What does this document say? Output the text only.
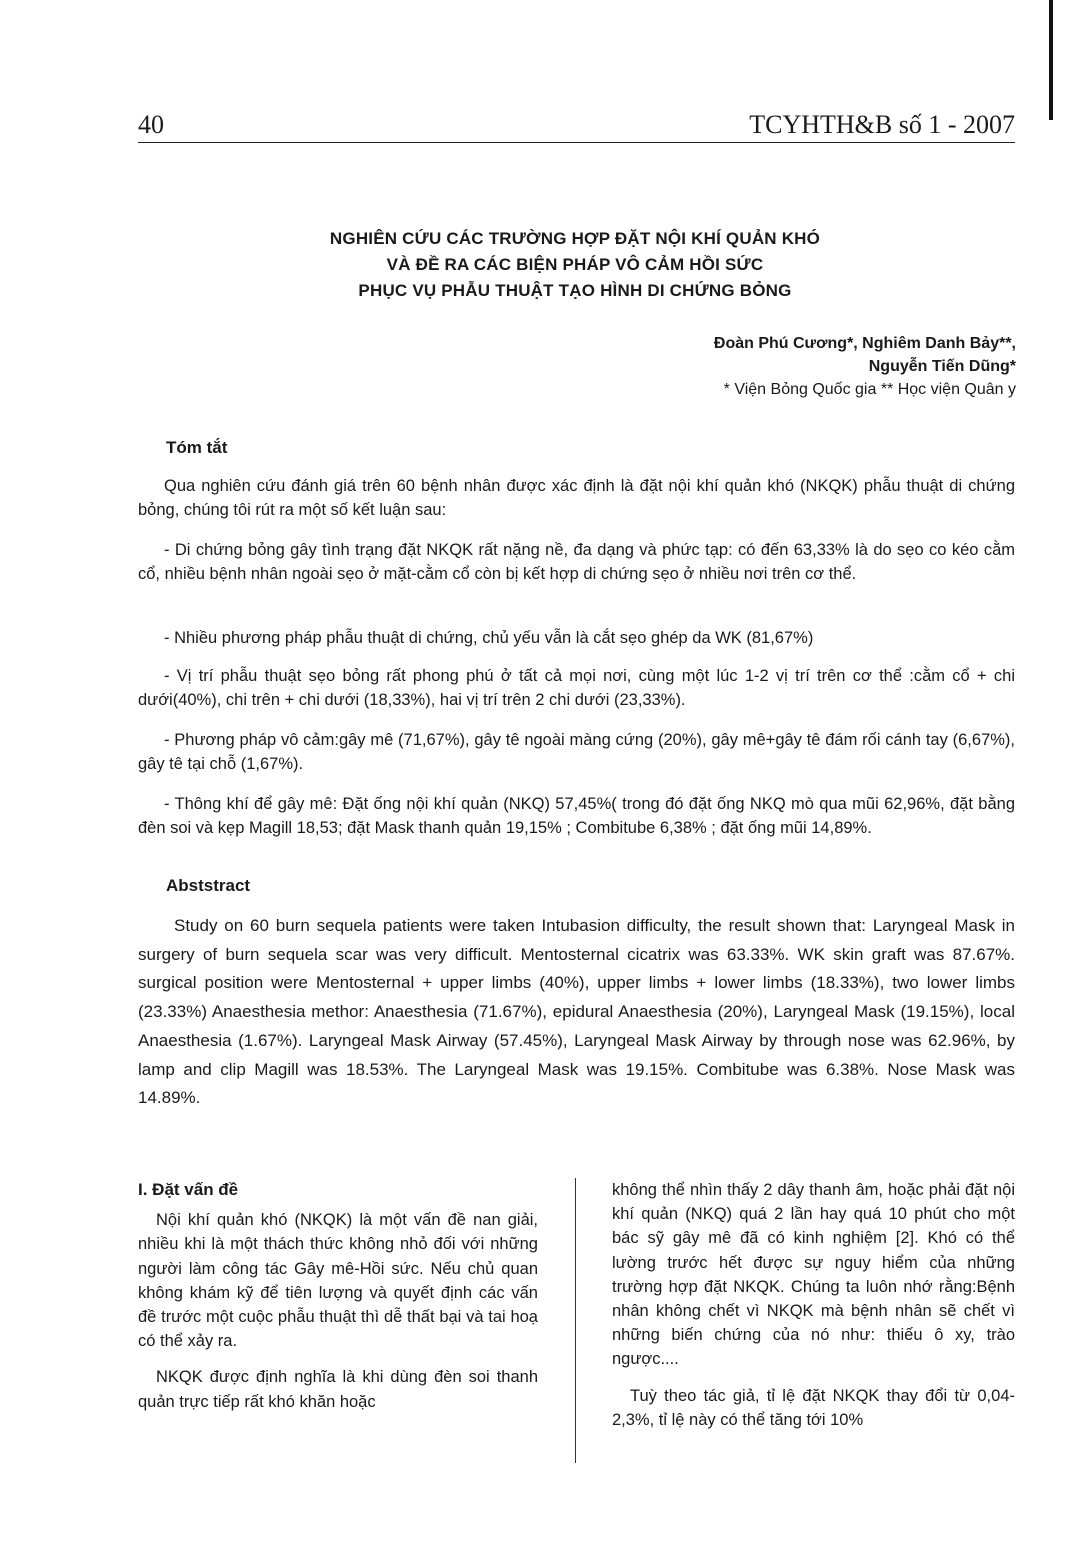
40	TCYHTH&B số 1 - 2007
NGHIÊN CỨU CÁC TRƯỜNG HỢP ĐẶT NỘI KHÍ QUẢN KHÓ
VÀ ĐỀ RA CÁC BIỆN PHÁP VÔ CẢM HỒI SỨC
PHỤC VỤ PHẪU THUẬT TẠO HÌNH DI CHỨNG BỎNG
Đoàn Phú Cương*, Nghiêm Danh Bảy**,
Nguyễn Tiến Dũng*
* Viện Bỏng Quốc gia ** Học viện Quân y
Tóm tắt
Qua nghiên cứu đánh giá trên 60 bệnh nhân được xác định là đặt nội khí quản khó (NKQK) phẫu thuật di chứng bỏng, chúng tôi rút ra một số kết luận sau:
- Di chứng bỏng gây tình trạng đặt NKQK rất nặng nề, đa dạng và phức tạp: có đến 63,33% là do sẹo co kéo cằm cổ, nhiều bệnh nhân ngoài sẹo ở mặt-cằm cổ còn bị kết hợp di chứng sẹo ở nhiều nơi trên cơ thể.
- Nhiều phương pháp phẫu thuật di chứng, chủ yếu vẫn là cắt sẹo ghép da WK (81,67%)
- Vị trí phẫu thuật sẹo bỏng rất phong phú ở tất cả mọi nơi, cùng một lúc 1-2 vị trí trên cơ thể :cằm cổ + chi dưới(40%), chi trên + chi dưới (18,33%), hai vị trí trên 2 chi dưới (23,33%).
- Phương pháp vô cảm:gây mê (71,67%), gây tê ngoài màng cứng (20%), gây mê+gây tê đám rối cánh tay (6,67%), gây tê tại chỗ (1,67%).
- Thông khí để gây mê: Đặt ống nội khí quản (NKQ) 57,45%( trong đó đặt ống NKQ mò qua mũi 62,96%, đặt bằng đèn soi và kẹp Magill 18,53; đặt Mask thanh quản 19,15% ; Combitube 6,38% ; đặt ống mũi 14,89%.
Abststract
Study on 60 burn sequela patients were taken Intubasion difficulty, the result shown that: Laryngeal Mask in surgery of burn sequela scar was very difficult. Mentosternal cicatrix was 63.33%. WK skin graft was 87.67%. surgical position were Mentosternal + upper limbs (40%), upper limbs + lower limbs (18.33%), two lower limbs (23.33%) Anaesthesia methor: Anaesthesia (71.67%), epidural Anaesthesia (20%), Laryngeal Mask (19.15%), local Anaesthesia (1.67%). Laryngeal Mask Airway (57.45%), Laryngeal Mask Airway by through nose was 62.96%, by lamp and clip Magill was 18.53%. The Laryngeal Mask was 19.15%. Combitube was 6.38%. Nose Mask was 14.89%.

I. Đặt vấn đề

Nội khí quản khó (NKQK) là một vấn đề nan giải, nhiều khi là một thách thức không nhỏ đối với những người làm công tác Gây mê-Hồi sức. Nếu chủ quan không khám kỹ để tiên lượng và quyết định các vấn đề trước một cuộc phẫu thuật thì dễ thất bại và tai hoạ có thể xảy ra.

NKQK được định nghĩa là khi dùng đèn soi thanh quản trực tiếp rất khó khăn hoặc

không thể nhìn thấy 2 dây thanh âm, hoặc phải đặt nội khí quản (NKQ) quá 2 lần hay quá 10 phút cho một bác sỹ gây mê đã có kinh nghiệm [2]. Khó có thể lường trước hết được sự nguy hiểm của những trường hợp đặt NKQK. Chúng ta luôn nhớ rằng:Bệnh nhân không chết vì NKQK mà bệnh nhân sẽ chết vì những biến chứng của nó như: thiếu ô xy, trào ngược....

Tuỳ theo tác giả, tỉ lệ đặt NKQK thay đổi từ 0,04-2,3%, tỉ lệ này có thể tăng tới 10%
